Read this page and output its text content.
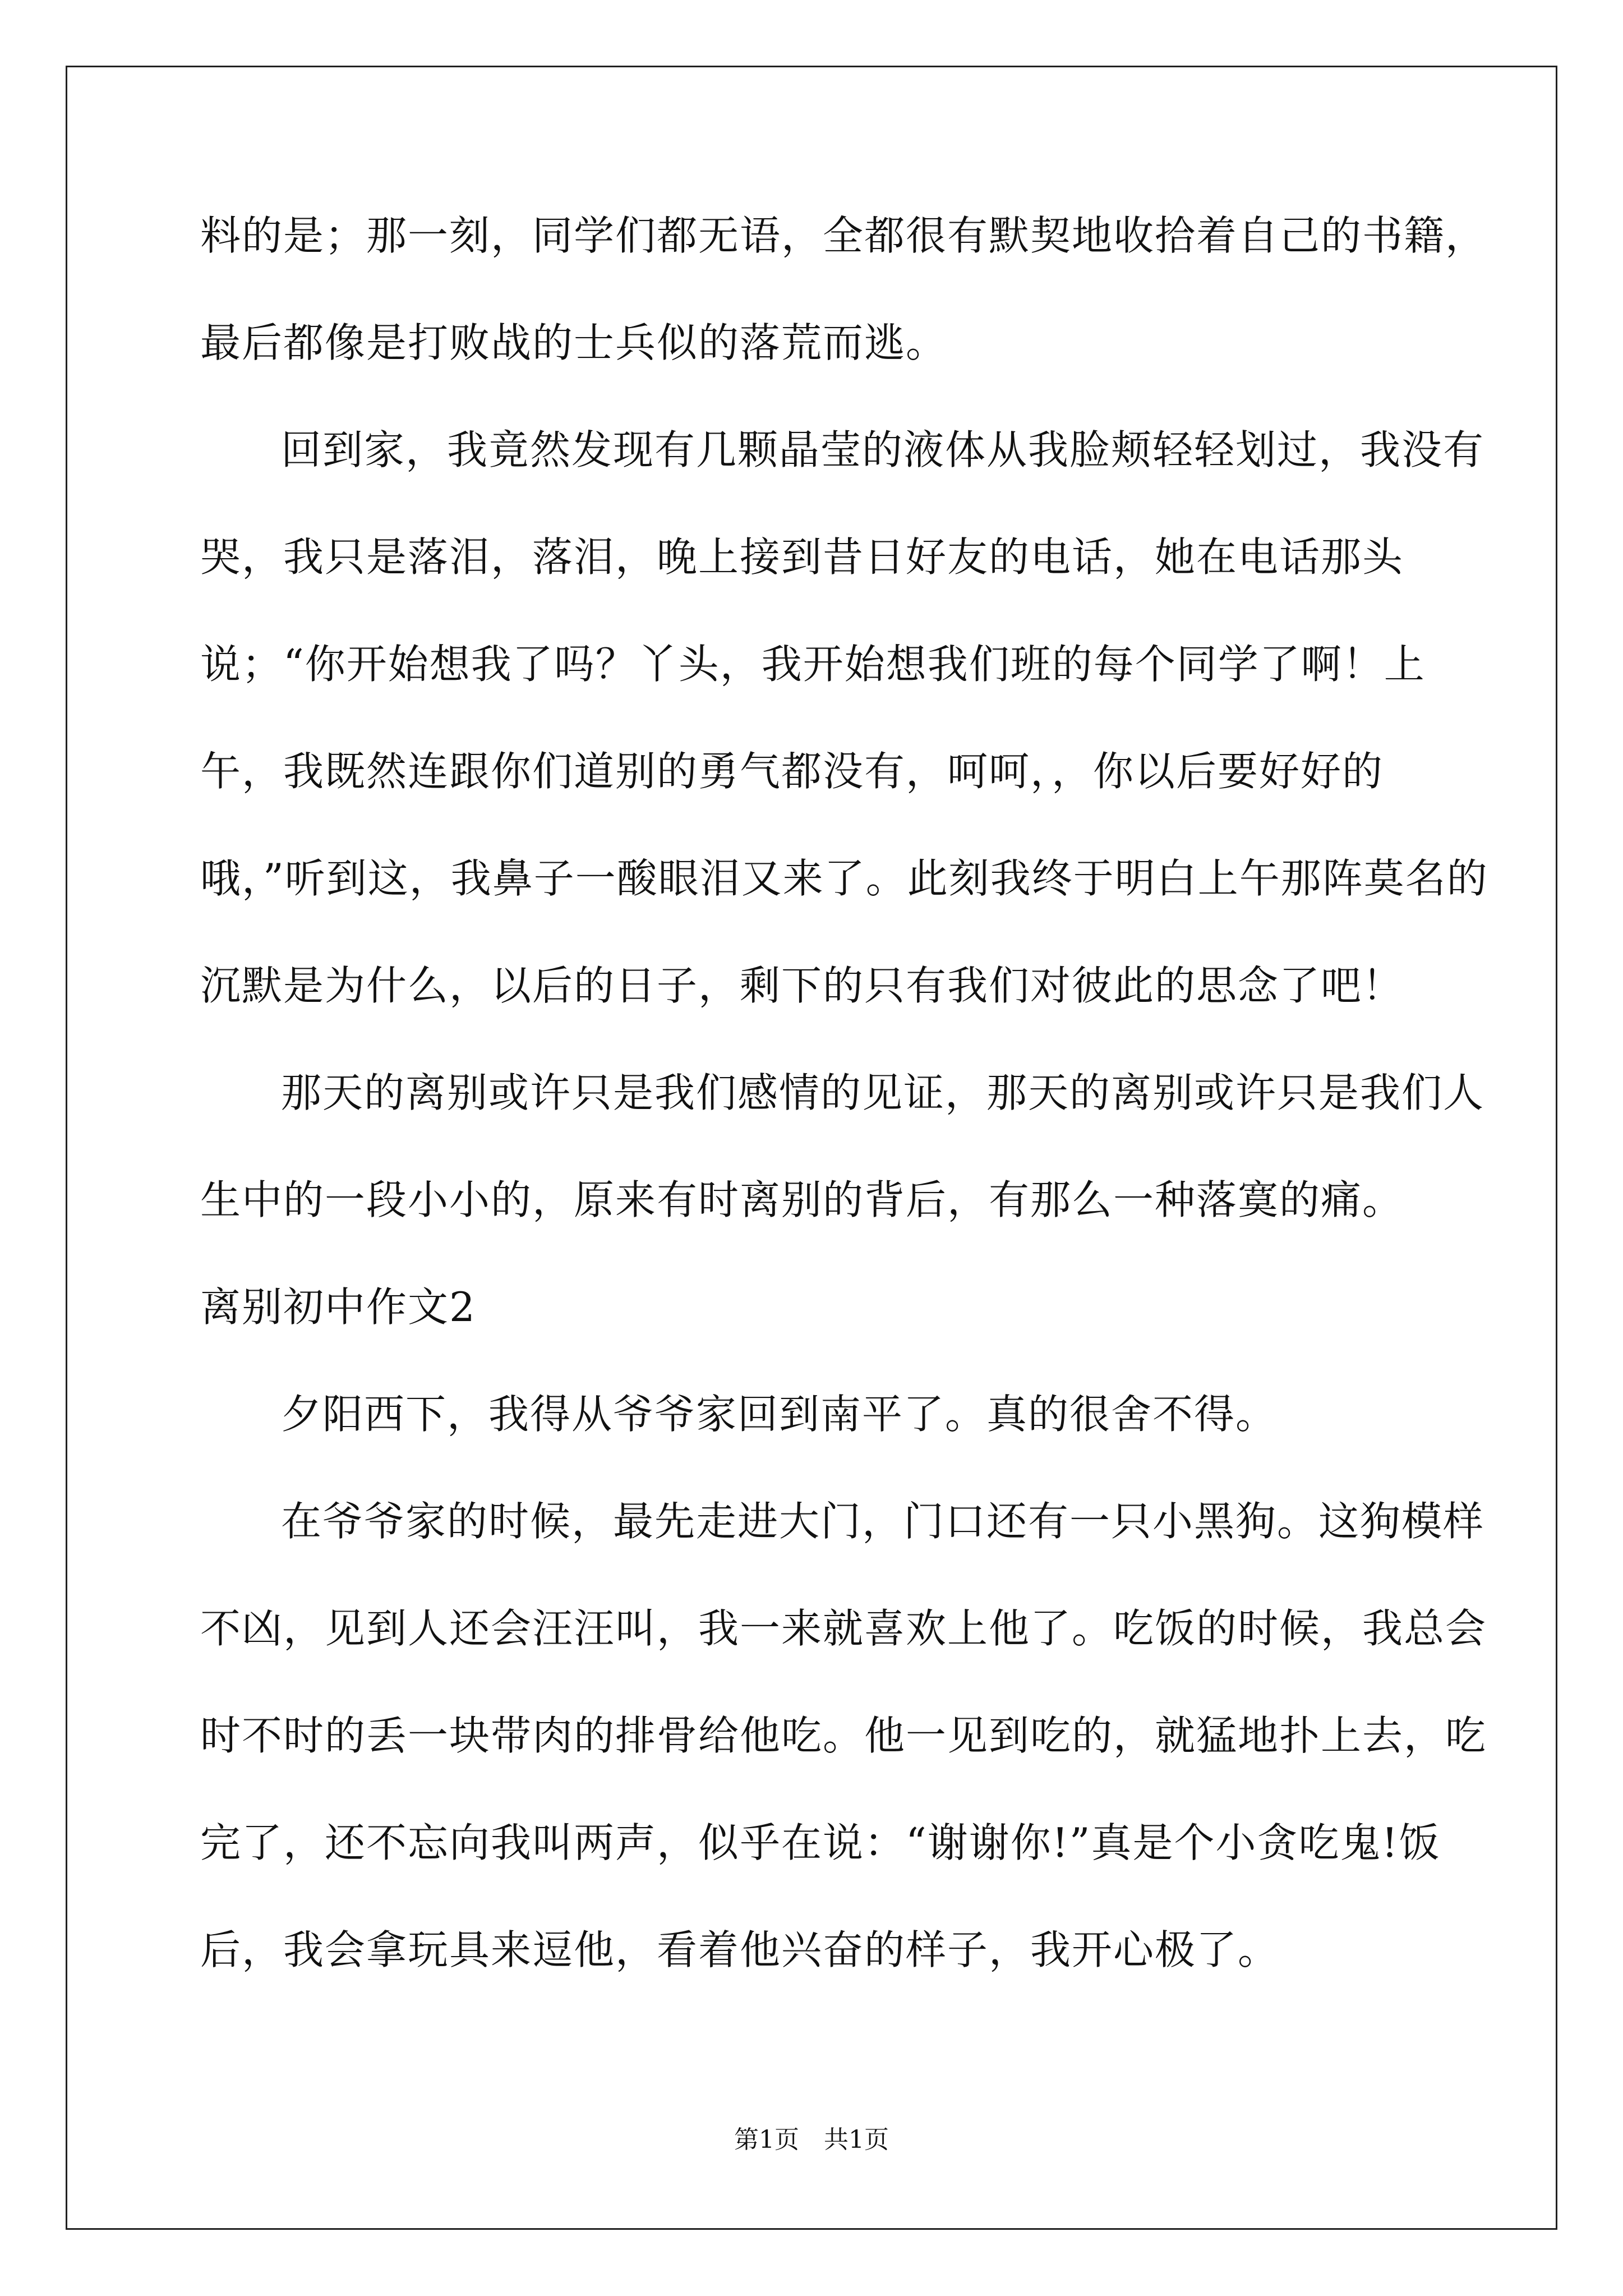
料的是；那一刻，同学们都无语，全都很有默契地收拾着自己的书籍，最后都像是打败战的士兵似的落荒而逃。

回到家，我竟然发现有几颗晶莹的液体从我脸颊轻轻划过，我没有哭，我只是落泪，落泪，晚上接到昔日好友的电话，她在电话那头说；“你开始想我了吗？丫头，我开始想我们班的每个同学了啊！上午，我既然连跟你们道别的勇气都没有，呵呵，，你以后要好好的哦，”听到这，我鼻子一酸眼泪又来了。此刻我终于明白上午那阵莫名的沉默是为什么，以后的日子，剩下的只有我们对彼此的思念了吧！

那天的离别或许只是我们感情的见证，那天的离别或许只是我们人生中的一段小小的，原来有时离别的背后，有那么一种落寞的痛。

离别初中作文2

夕阳西下，我得从爷爷家回到南平了。真的很舍不得。

在爷爷家的时候，最先走进大门，门口还有一只小黑狗。这狗模样不凶，见到人还会汪汪叫，我一来就喜欢上他了。吃饭的时候，我总会时不时的丢一块带肉的排骨给他吃。他一见到吃的，就猛地扑上去，吃完了，还不忘向我叫两声，似乎在说：“谢谢你!”真是个小贪吃鬼!饭后，我会拿玩具来逗他，看着他兴奋的样子，我开心极了。

第1页　共1页
